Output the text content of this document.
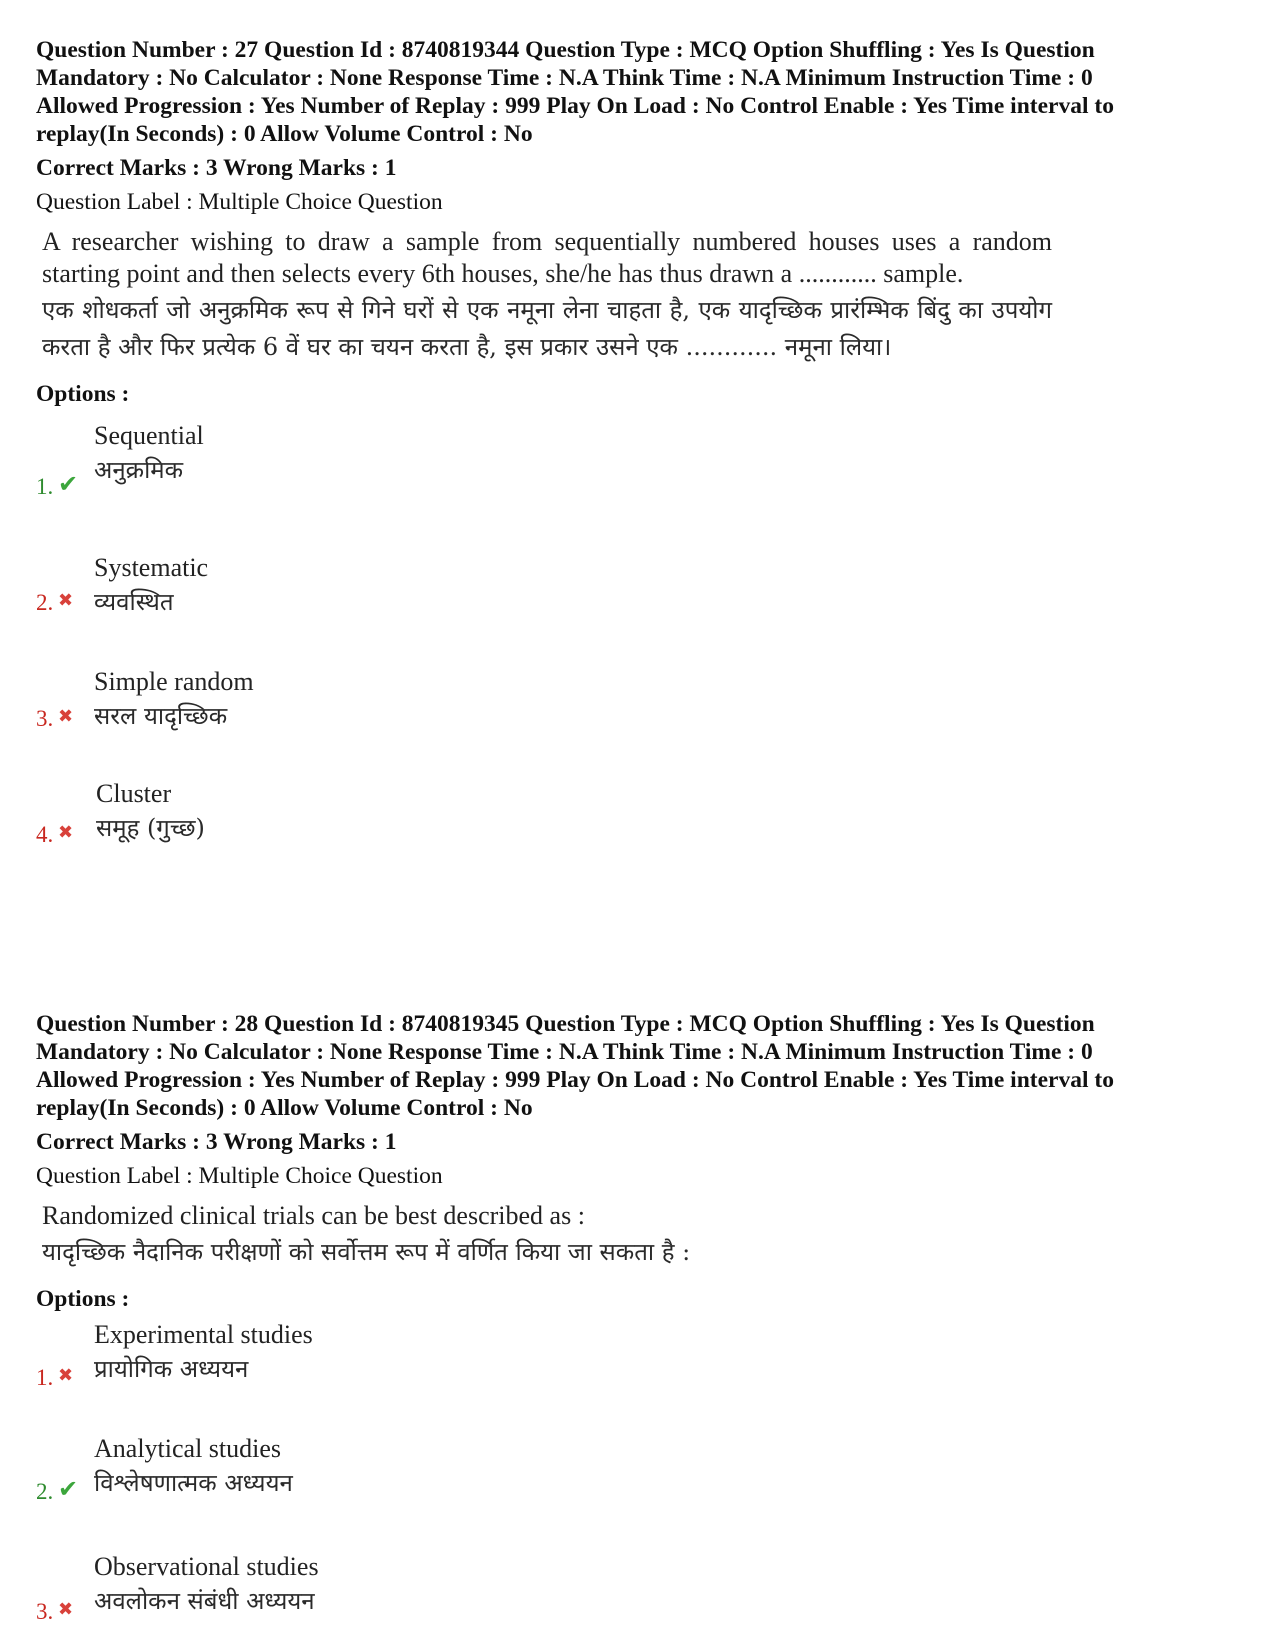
Question Number : 27 Question Id : 8740819344 Question Type : MCQ Option Shuffling : Yes Is Question
Mandatory : No Calculator : None Response Time : N.A Think Time : N.A Minimum Instruction Time : 0
Allowed Progression : Yes Number of Replay : 999 Play On Load : No Control Enable : Yes Time interval to
replay(In Seconds) : 0 Allow Volume Control : No
Correct Marks : 3 Wrong Marks : 1
Question Label : Multiple Choice Question
A researcher wishing to draw a sample from sequentially numbered houses uses a random starting point and then selects every 6th houses, she/he has thus drawn a ............ sample.
एक शोधकर्ता जो अनुक्रमिक रूप से गिने घरों से एक नमूना लेना चाहता है, एक यादृच्छिक प्रारंम्भिक बिंदु का उपयोग करता है और फिर प्रत्येक 6 वें घर का चयन करता है, इस प्रकार उसने एक ............ नमूना लिया।
Options :
1. ✔
Sequential
अनुक्रमिक
2. ✖
Systematic
व्यवस्थित
3. ✖
Simple random
सरल यादृच्छिक
4. ✖
Cluster
समूह (गुच्छ)
Question Number : 28 Question Id : 8740819345 Question Type : MCQ Option Shuffling : Yes Is Question
Mandatory : No Calculator : None Response Time : N.A Think Time : N.A Minimum Instruction Time : 0
Allowed Progression : Yes Number of Replay : 999 Play On Load : No Control Enable : Yes Time interval to
replay(In Seconds) : 0 Allow Volume Control : No
Correct Marks : 3 Wrong Marks : 1
Question Label : Multiple Choice Question
Randomized clinical trials can be best described as :
यादृच्छिक नैदानिक परीक्षणों को सर्वोत्तम रूप में वर्णित किया जा सकता है :
Options :
1. ✖
Experimental studies
प्रायोगिक अध्ययन
2. ✔
Analytical studies
विश्लेषणात्मक अध्ययन
3. ✖
Observational studies
अवलोकन संबंधी अध्ययन
